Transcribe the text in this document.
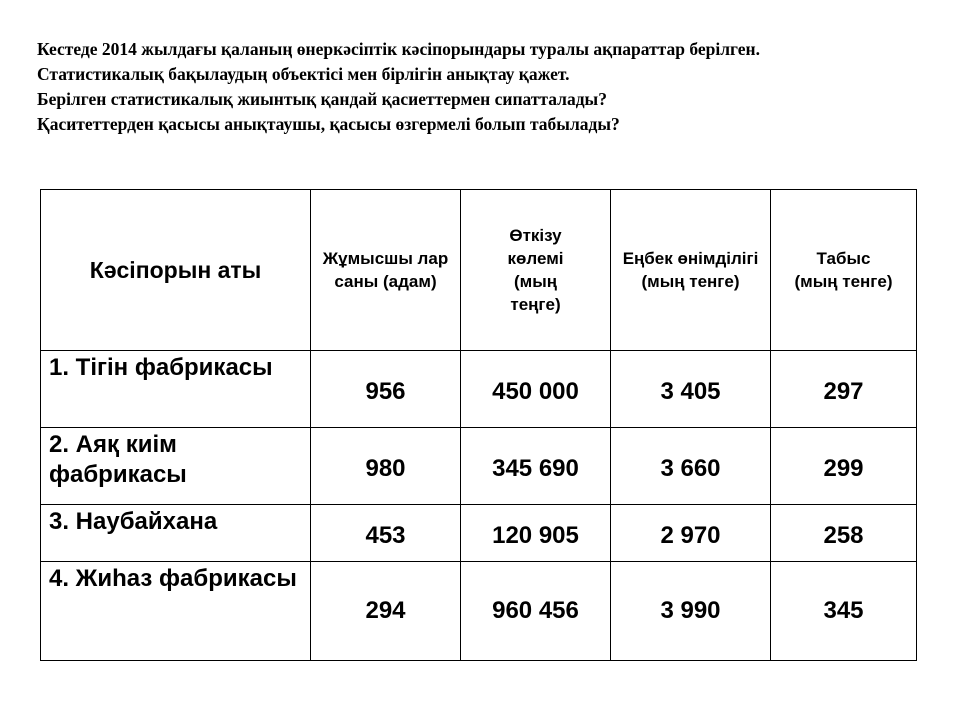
Кестеде 2014 жылдағы қаланың өнеркәсіптік кәсіпорындары туралы ақпараттар берілген.

Статистикалық бақылаудың объектісі мен бірлігін анықтау қажет.

Берілген статистикалық жиынтық қандай қасиеттермен сипатталады?

Қаситеттерден қасысы анықтаушы, қасысы өзгермелі болып табылады?

Кәсіпорын аты	Жұмысшы лар саны (адам)	Өткізу көлемі (мың теңге)	Еңбек өнімділігі (мың тенге)	Табыс (мың тенге)
1. Тігін фабрикасы	956	450 000	3 405	297
2. Аяқ киім фабрикасы	980	345 690	3 660	299
3. Наубайхана	453	120 905	2 970	258
4. Жиһаз фабрикасы	294	960 456	3 990	345
